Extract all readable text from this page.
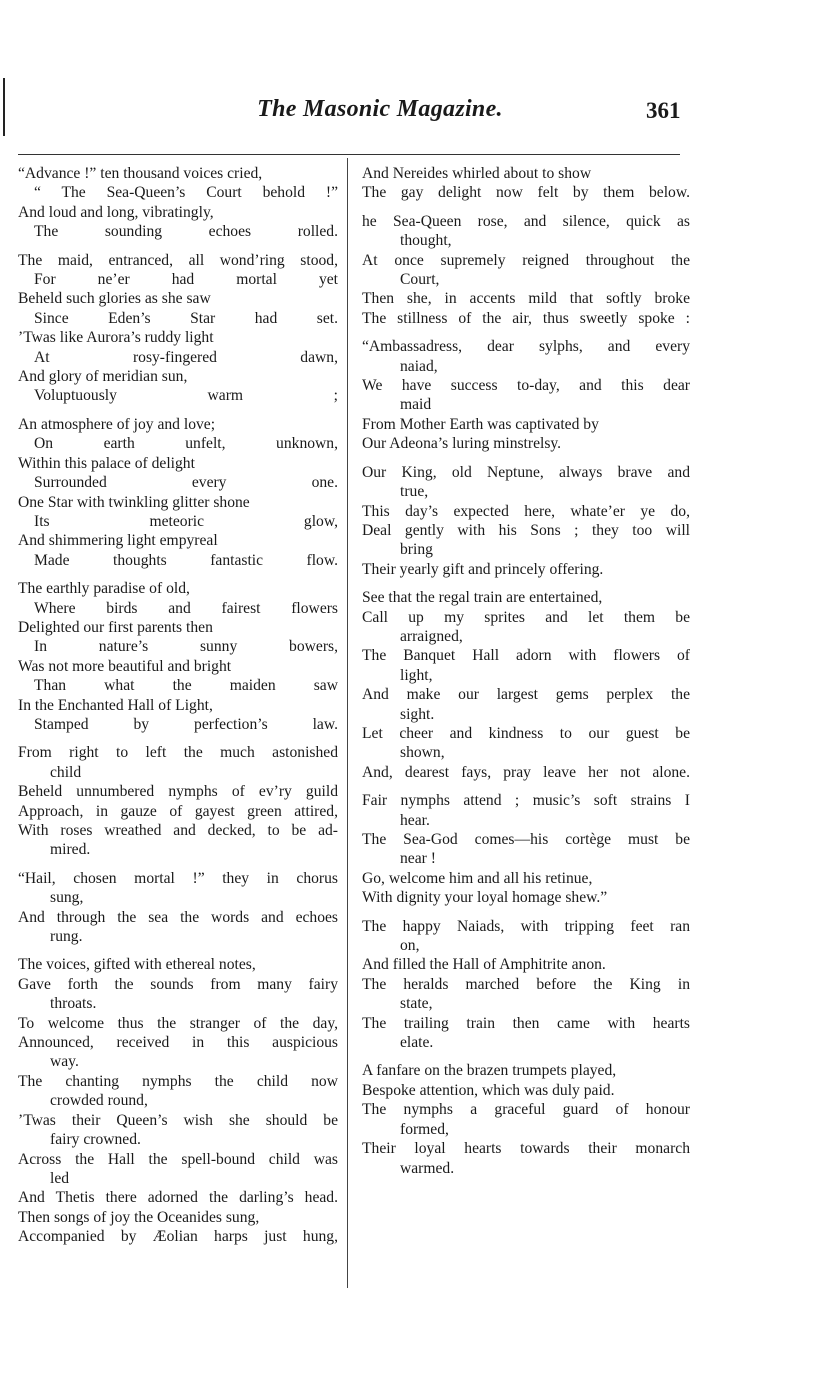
The Masonic Magazine.	361
“Advance !” ten thousand voices cried,
“ The Sea-Queen’s Court behold !”
And loud and long, vibratingly,
The sounding echoes rolled.
The maid, entranced, all wond’ring stood,
For ne’er had mortal yet
Beheld such glories as she saw
Since Eden’s Star had set.
’Twas like Aurora’s ruddy light
At rosy-fingered dawn,
And glory of meridian sun,
Voluptuously warm ;
An atmosphere of joy and love;
On earth unfelt, unknown,
Within this palace of delight
Surrounded every one.
One Star with twinkling glitter shone
Its meteoric glow,
And shimmering light empyreal
Made thoughts fantastic flow.
The earthly paradise of old,
Where birds and fairest flowers
Delighted our first parents then
In nature’s sunny bowers,
Was not more beautiful and bright
Than what the maiden saw
In the Enchanted Hall of Light,
Stamped by perfection’s law.
From right to left the much astonished
child
Beheld unnumbered nymphs of ev’ry guild
Approach, in gauze of gayest green attired,
With roses wreathed and decked, to be ad-
mired.
“Hail, chosen mortal !” they in chorus
sung,
And through the sea the words and echoes
rung.
The voices, gifted with ethereal notes,
Gave forth the sounds from many fairy
throats.
To welcome thus the stranger of the day,
Announced, received in this auspicious
way.
The chanting nymphs the child now
crowded round,
’Twas their Queen’s wish she should be
fairy crowned.
Across the Hall the spell-bound child was
led
And Thetis there adorned the darling’s head.
Then songs of joy the Oceanides sung,
Accompanied by Æolian harps just hung,
And Nereides whirled about to show
The gay delight now felt by them below.
he Sea-Queen rose, and silence, quick as
thought,
At once supremely reigned throughout the
Court,
Then she, in accents mild that softly broke
The stillness of the air, thus sweetly spoke :
“Ambassadress, dear sylphs, and every
naiad,
We have success to-day, and this dear
maid
From Mother Earth was captivated by
Our Adeona’s luring minstrelsy.
Our King, old Neptune, always brave and
true,
This day’s expected here, whate’er ye do,
Deal gently with his Sons ; they too will
bring
Their yearly gift and princely offering.
See that the regal train are entertained,
Call up my sprites and let them be
arraigned,
The Banquet Hall adorn with flowers of
light,
And make our largest gems perplex the
sight.
Let cheer and kindness to our guest be
shown,
And, dearest fays, pray leave her not alone.
Fair nymphs attend ; music’s soft strains I
hear.
The Sea-God comes—his cortège must be
near !
Go, welcome him and all his retinue,
With dignity your loyal homage shew.”
The happy Naiads, with tripping feet ran
on,
And filled the Hall of Amphitrite anon.
The heralds marched before the King in
state,
The trailing train then came with hearts
elate.
A fanfare on the brazen trumpets played,
Bespoke attention, which was duly paid.
The nymphs a graceful guard of honour
formed,
Their loyal hearts towards their monarch
warmed.
